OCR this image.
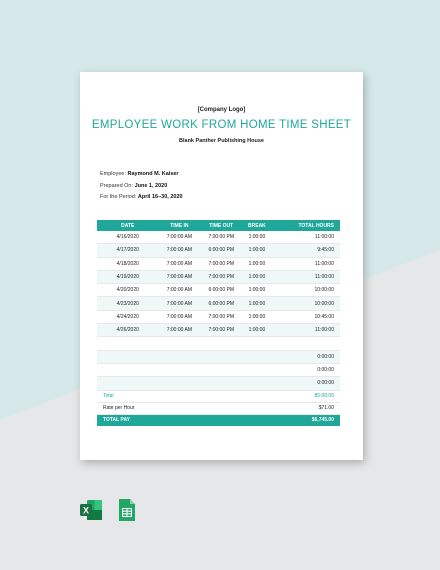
[Company Logo]
EMPLOYEE WORK FROM HOME TIME SHEET
Blank Panther Publishing House
Employee: Raymond M. Kaiser
Prepared On: June 1, 2020
For the Period: April 16–30, 2020
DATE	TIME IN	TIME OUT	BREAK	TOTAL HOURS
4/16/2020	7:00:00 AM	7:00:00 PM	1:00:00	11:00:00
4/17/2020	7:00:00 AM	6:00:00 PM	1:00:00	9:45:00
4/18/2020	7:00:00 AM	7:00:00 PM	1:00:00	11:00:00
4/19/2020	7:00:00 AM	7:00:00 PM	1:00:00	11:00:00
4/20/2020	7:00:00 AM	6:00:00 PM	1:00:00	10:00:00
4/23/2020	7:00:00 AM	6:00:00 PM	1:00:00	10:00:00
4/24/2020	7:00:00 AM	7:00:00 PM	1:00:00	10:45:00
4/26/2020	7:00:00 AM	7:00:00 PM	1:00:00	11:00:00

				0:00:00
				0:00:00
				0:00:00
Total				85:00:00
Rate per Hour				$71.00
TOTAL PAY				$6,745.00
X
